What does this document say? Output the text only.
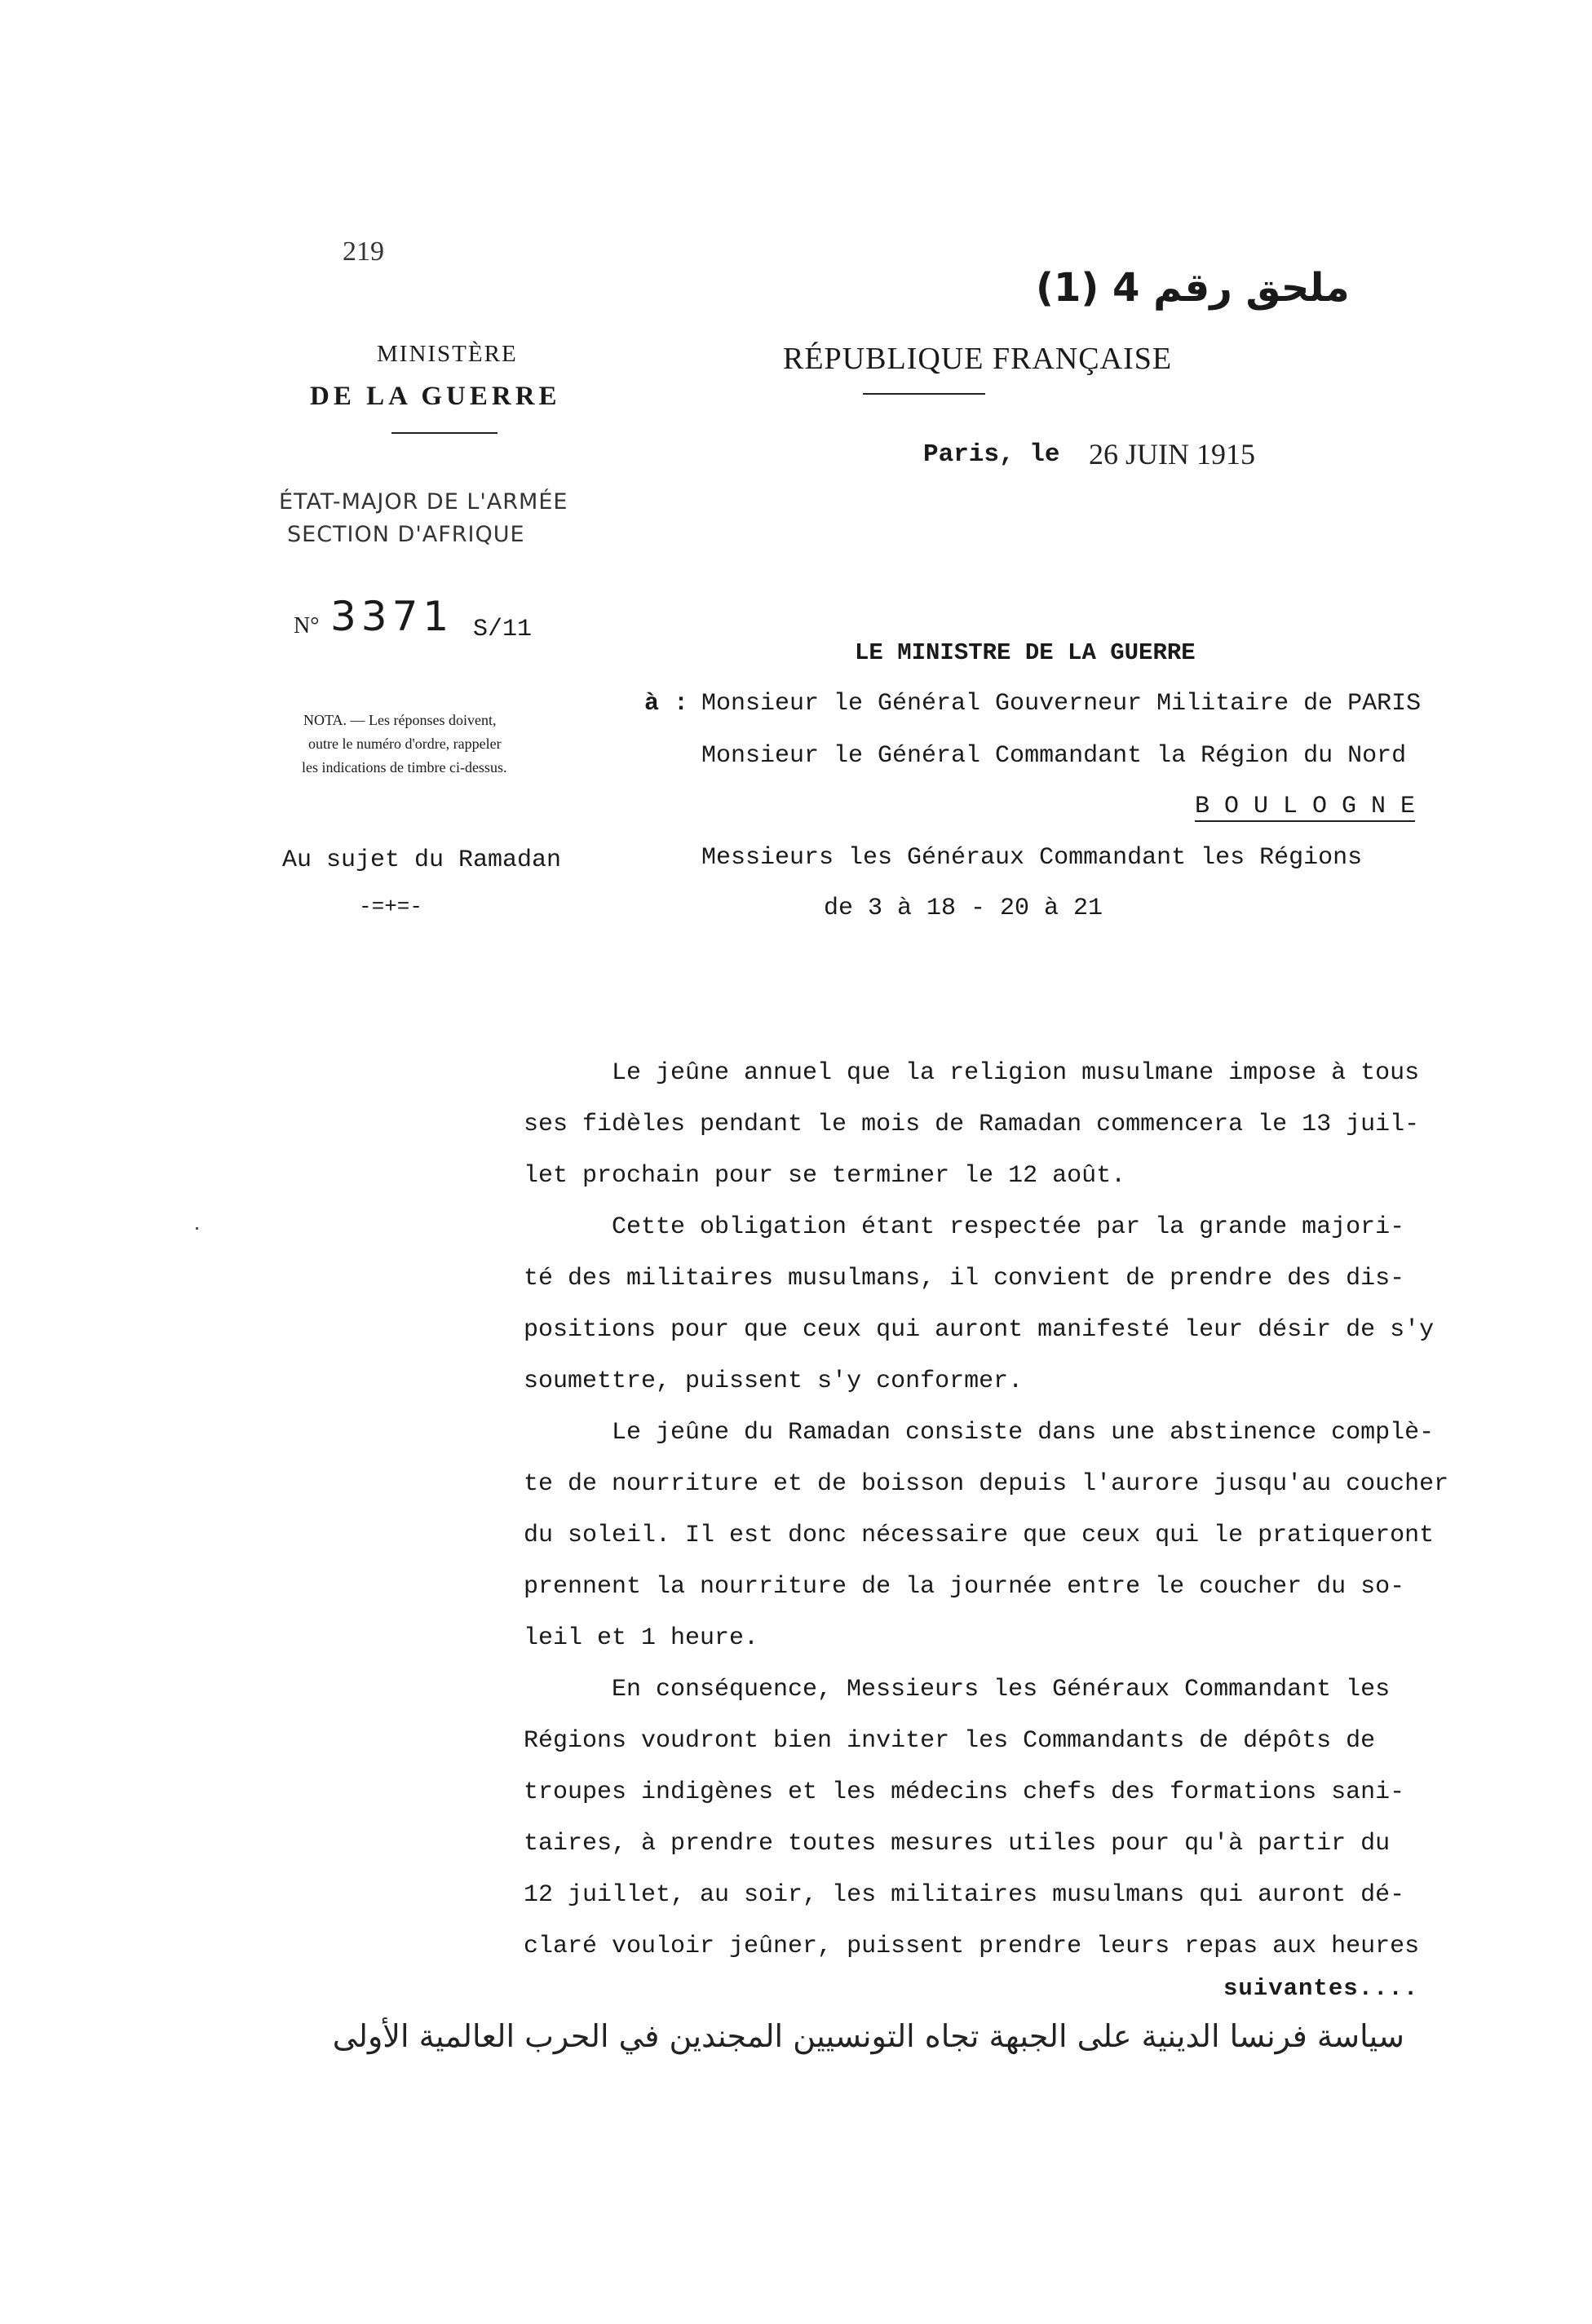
219
ملحق رقم 4 (1)
MINISTÈRE
DE LA GUERRE
ÉTAT-MAJOR DE L'ARMÉE
SECTION D'AFRIQUE
N° 3371 S/11
NOTA. — Les réponses doivent,
outre le numéro d'ordre, rappeler
les indications de timbre ci-dessus.
Au sujet du Ramadan
-=+=-
RÉPUBLIQUE FRANÇAISE
Paris, le 26 JUIN 1915
LE MINISTRE DE LA GUERRE
à : Monsieur le Général Gouverneur Militaire de PARIS
Monsieur le Général Commandant la Région du Nord
B O U L O G N E
Messieurs les Généraux Commandant les Régions
de 3 à 18 - 20 à 21

Le jeûne annuel que la religion musulmane impose à tous

ses fidèles pendant le mois de Ramadan commencera le 13 juil-

let prochain pour se terminer le 12 août.

Cette obligation étant respectée par la grande majori-

té des militaires musulmans, il convient de prendre des dis-

positions pour que ceux qui auront manifesté leur désir de s'y

soumettre, puissent s'y conformer.

Le jeûne du Ramadan consiste dans une abstinence complè-

te de nourriture et de boisson depuis l'aurore jusqu'au coucher

du soleil. Il est donc nécessaire que ceux qui le pratiqueront

prennent la nourriture de la journée entre le coucher du so-

leil et 1 heure.

En conséquence, Messieurs les Généraux Commandant les

Régions voudront bien inviter les Commandants de dépôts de

troupes indigènes et les médecins chefs des formations sani-

taires, à prendre toutes mesures utiles pour qu'à partir du

12 juillet, au soir, les militaires musulmans qui auront dé-

claré vouloir jeûner, puissent prendre leurs repas aux heures

suivantes....
سياسة فرنسا الدينية على الجبهة تجاه التونسيين المجندين في الحرب العالمية الأولى
